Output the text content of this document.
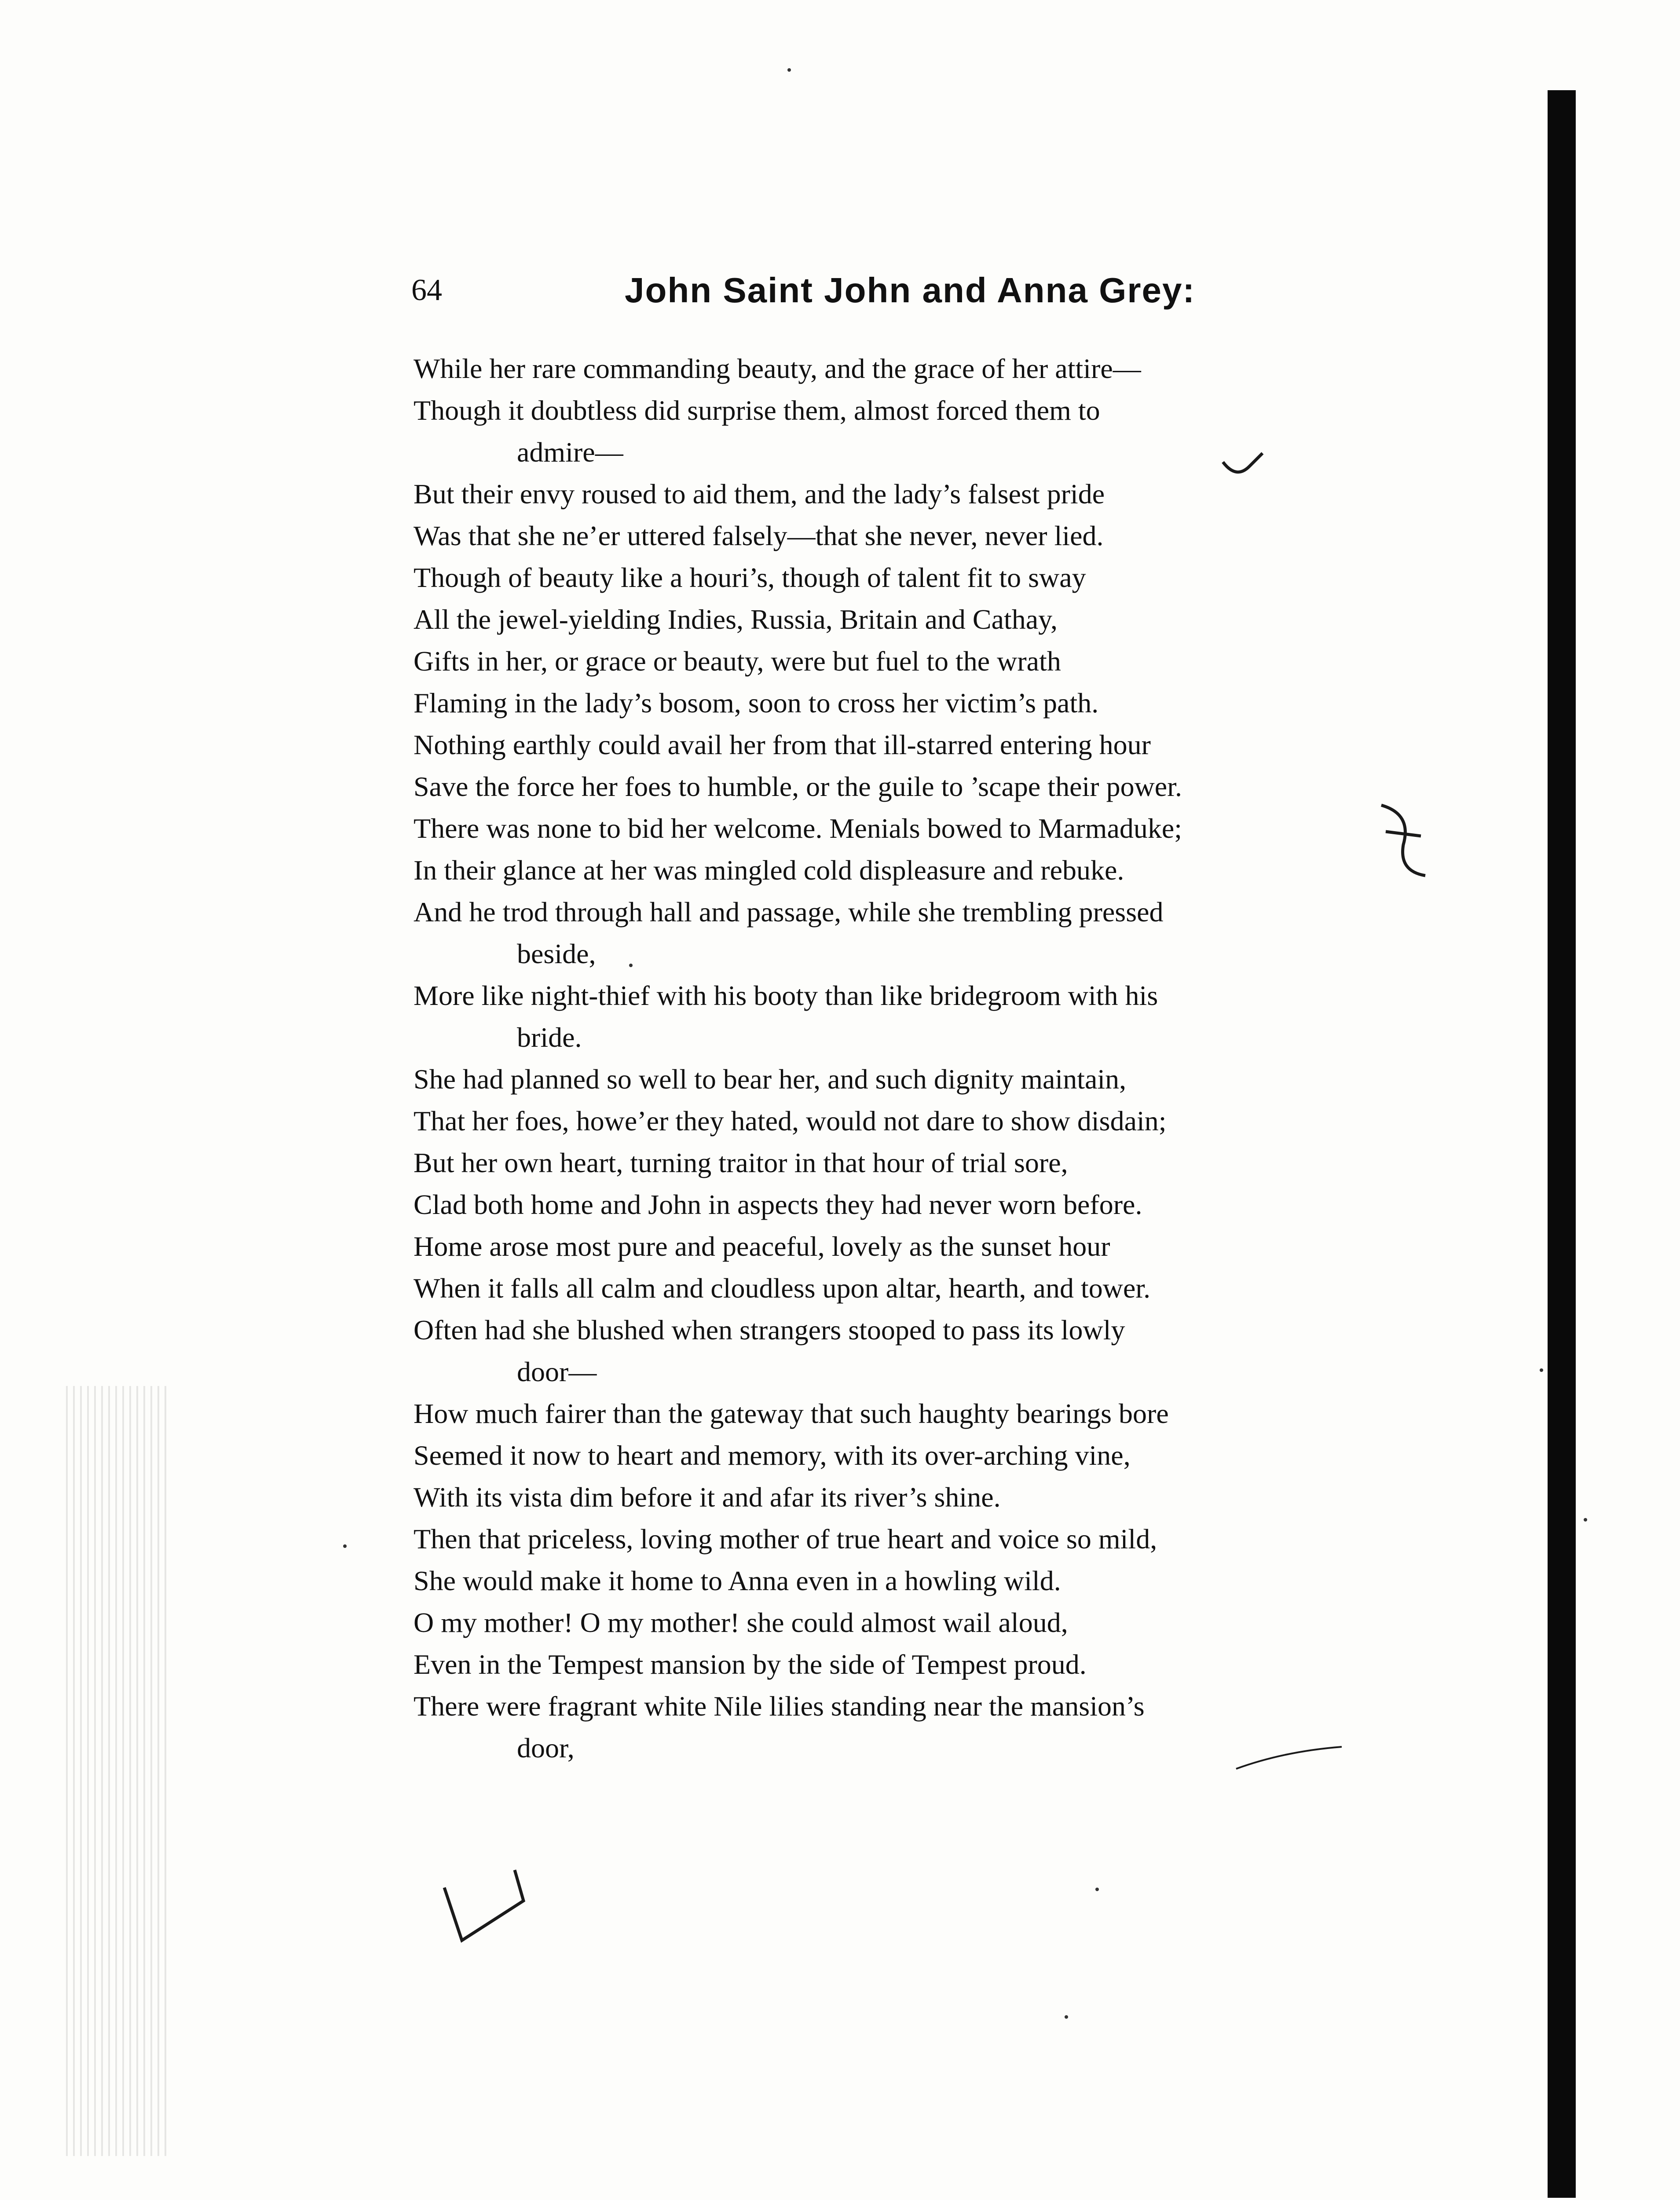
64	John Saint John and Anna Grey:
While her rare commanding beauty, and the grace of her attire—
Though it doubtless did surprise them, almost forced them to
admire—
But their envy roused to aid them, and the lady’s falsest pride
Was that she ne’er uttered falsely—that she never, never lied.
Though of beauty like a houri’s, though of talent fit to sway
All the jewel-yielding Indies, Russia, Britain and Cathay,
Gifts in her, or grace or beauty, were but fuel to the wrath
Flaming in the lady’s bosom, soon to cross her victim’s path.
Nothing earthly could avail her from that ill-starred entering hour
Save the force her foes to humble, or the guile to ’scape their power.
There was none to bid her welcome. Menials bowed to Marmaduke;
In their glance at her was mingled cold displeasure and rebuke.
And he trod through hall and passage, while she trembling pressed
beside,
More like night-thief with his booty than like bridegroom with his
bride.
She had planned so well to bear her, and such dignity maintain,
That her foes, howe’er they hated, would not dare to show disdain;
But her own heart, turning traitor in that hour of trial sore,
Clad both home and John in aspects they had never worn before.
Home arose most pure and peaceful, lovely as the sunset hour
When it falls all calm and cloudless upon altar, hearth, and tower.
Often had she blushed when strangers stooped to pass its lowly
door—
How much fairer than the gateway that such haughty bearings bore
Seemed it now to heart and memory, with its over-arching vine,
With its vista dim before it and afar its river’s shine.
Then that priceless, loving mother of true heart and voice so mild,
She would make it home to Anna even in a howling wild.
O my mother! O my mother! she could almost wail aloud,
Even in the Tempest mansion by the side of Tempest proud.
There were fragrant white Nile lilies standing near the mansion’s
door,
